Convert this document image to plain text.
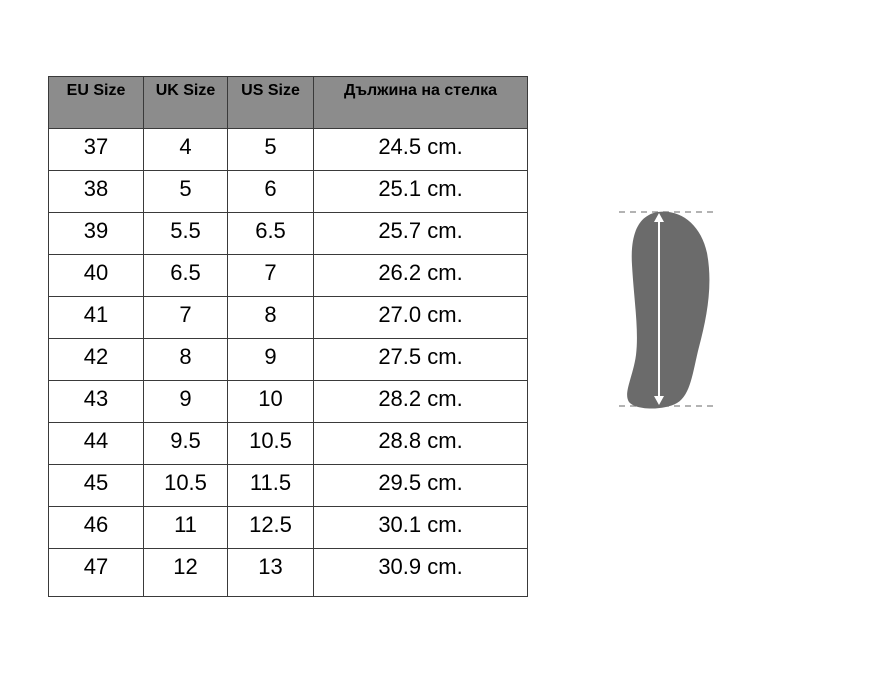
EU Size	UK Size	US Size	Дължина на стелка

37	4	5	24.5 cm.
38	5	6	25.1 cm.
39	5.5	6.5	25.7 cm.
40	6.5	7	26.2 cm.
41	7	8	27.0 cm.
42	8	9	27.5 cm.
43	9	10	28.2 cm.
44	9.5	10.5	28.8 cm.
45	10.5	11.5	29.5 cm.
46	11	12.5	30.1 cm.
47	12	13	30.9 cm.
